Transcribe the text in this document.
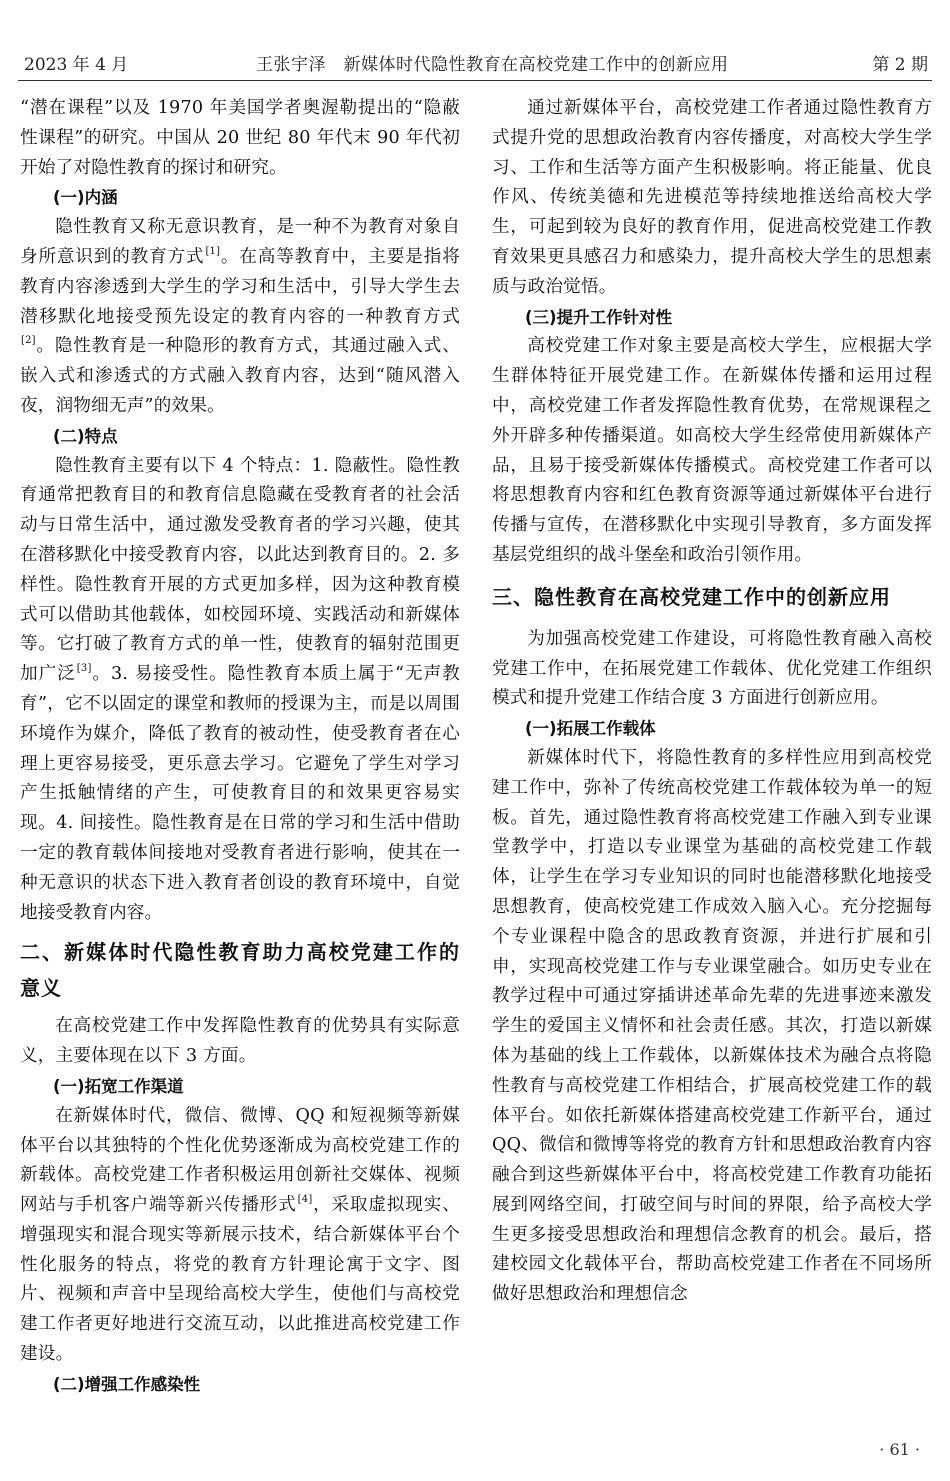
2023 年 4 月	王张宇泽　新媒体时代隐性教育在高校党建工作中的创新应用	第 2 期

“潜在课程”以及 1970 年美国学者奥渥勒提出的“隐蔽性课程”的研究。中国从 20 世纪 80 年代末 90 年代初开始了对隐性教育的探讨和研究。

(一)内涵

隐性教育又称无意识教育，是一种不为教育对象自身所意识到的教育方式[1]。在高等教育中，主要是指将教育内容渗透到大学生的学习和生活中，引导大学生去潜移默化地接受预先设定的教育内容的一种教育方式[2]。隐性教育是一种隐形的教育方式，其通过融入式、嵌入式和渗透式的方式融入教育内容，达到“随风潜入夜，润物细无声”的效果。

(二)特点

隐性教育主要有以下 4 个特点：1. 隐蔽性。隐性教育通常把教育目的和教育信息隐藏在受教育者的社会活动与日常生活中，通过激发受教育者的学习兴趣，使其在潜移默化中接受教育内容，以此达到教育目的。2. 多样性。隐性教育开展的方式更加多样，因为这种教育模式可以借助其他载体，如校园环境、实践活动和新媒体等。它打破了教育方式的单一性，使教育的辐射范围更加广泛[3]。3. 易接受性。隐性教育本质上属于“无声教育”，它不以固定的课堂和教师的授课为主，而是以周围环境作为媒介，降低了教育的被动性，使受教育者在心理上更容易接受，更乐意去学习。它避免了学生对学习产生抵触情绪的产生，可使教育目的和效果更容易实现。4. 间接性。隐性教育是在日常的学习和生活中借助一定的教育载体间接地对受教育者进行影响，使其在一种无意识的状态下进入教育者创设的教育环境中，自觉地接受教育内容。

二、新媒体时代隐性教育助力高校党建工作的意义

在高校党建工作中发挥隐性教育的优势具有实际意义，主要体现在以下 3 方面。

(一)拓宽工作渠道

在新媒体时代，微信、微博、QQ 和短视频等新媒体平台以其独特的个性化优势逐渐成为高校党建工作的新载体。高校党建工作者积极运用创新社交媒体、视频网站与手机客户端等新兴传播形式[4]，采取虚拟现实、增强现实和混合现实等新展示技术，结合新媒体平台个性化服务的特点，将党的教育方针理论寓于文字、图片、视频和声音中呈现给高校大学生，使他们与高校党建工作者更好地进行交流互动，以此推进高校党建工作建设。

(二)增强工作感染性

通过新媒体平台，高校党建工作者通过隐性教育方式提升党的思想政治教育内容传播度，对高校大学生学习、工作和生活等方面产生积极影响。将正能量、优良作风、传统美德和先进模范等持续地推送给高校大学生，可起到较为良好的教育作用，促进高校党建工作教育效果更具感召力和感染力，提升高校大学生的思想素质与政治觉悟。

(三)提升工作针对性

高校党建工作对象主要是高校大学生，应根据大学生群体特征开展党建工作。在新媒体传播和运用过程中，高校党建工作者发挥隐性教育优势，在常规课程之外开辟多种传播渠道。如高校大学生经常使用新媒体产品，且易于接受新媒体传播模式。高校党建工作者可以将思想教育内容和红色教育资源等通过新媒体平台进行传播与宣传，在潜移默化中实现引导教育，多方面发挥基层党组织的战斗堡垒和政治引领作用。

三、隐性教育在高校党建工作中的创新应用

为加强高校党建工作建设，可将隐性教育融入高校党建工作中，在拓展党建工作载体、优化党建工作组织模式和提升党建工作结合度 3 方面进行创新应用。

(一)拓展工作载体

新媒体时代下，将隐性教育的多样性应用到高校党建工作中，弥补了传统高校党建工作载体较为单一的短板。首先，通过隐性教育将高校党建工作融入到专业课堂教学中，打造以专业课堂为基础的高校党建工作载体，让学生在学习专业知识的同时也能潜移默化地接受思想教育，使高校党建工作成效入脑入心。充分挖掘每个专业课程中隐含的思政教育资源，并进行扩展和引申，实现高校党建工作与专业课堂融合。如历史专业在教学过程中可通过穿插讲述革命先辈的先进事迹来激发学生的爱国主义情怀和社会责任感。其次，打造以新媒体为基础的线上工作载体，以新媒体技术为融合点将隐性教育与高校党建工作相结合，扩展高校党建工作的载体平台。如依托新媒体搭建高校党建工作新平台，通过 QQ、微信和微博等将党的教育方针和思想政治教育内容融合到这些新媒体平台中，将高校党建工作教育功能拓展到网络空间，打破空间与时间的界限，给予高校大学生更多接受思想政治和理想信念教育的机会。最后，搭建校园文化载体平台，帮助高校党建工作者在不同场所做好思想政治和理想信念

· 61 ·
